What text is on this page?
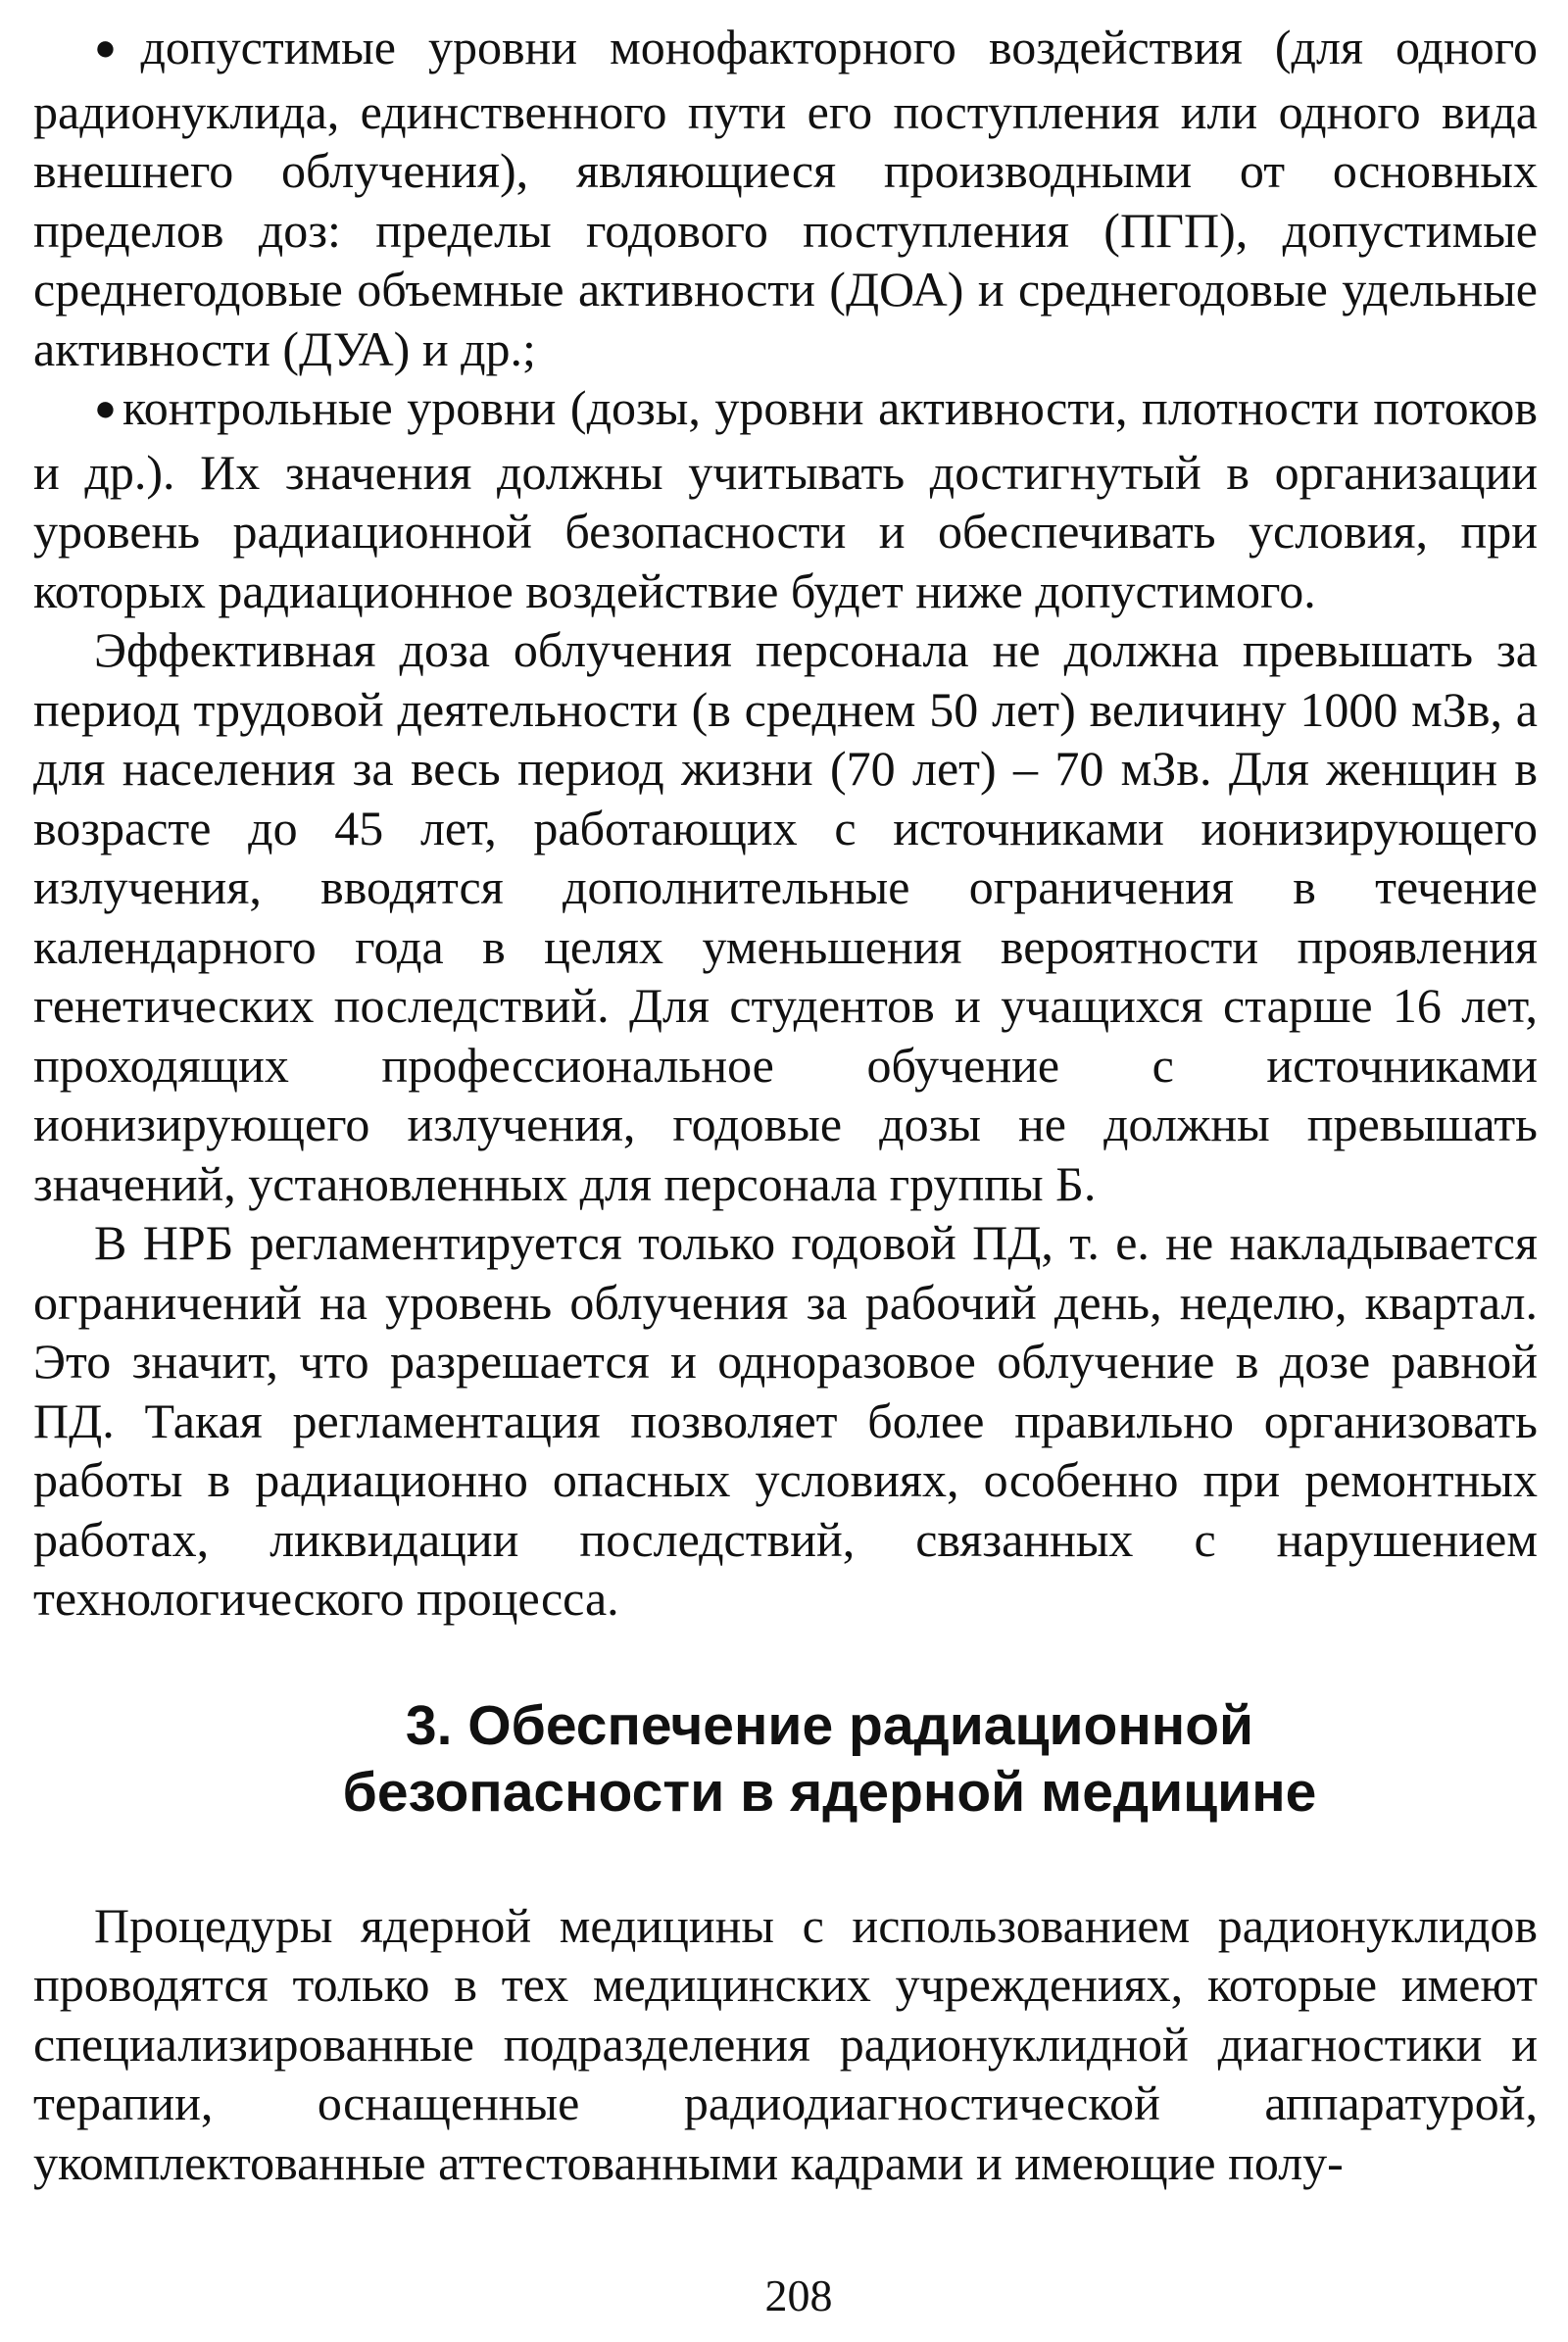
●допустимые уровни монофакторного воздействия (для одного радионуклида, единственного пути его поступления или одного вида внешнего облучения), являющиеся производными от основных пределов доз: пределы годового поступления (ПГП), допустимые среднегодовые объемные активности (ДОА) и среднегодовые удельные активности (ДУА) и др.;

●контрольные уровни (дозы, уровни активности, плотности потоков и др.). Их значения должны учитывать достигнутый в организации уровень радиационной безопасности и обеспечивать условия, при которых радиационное воздействие будет ниже допустимого.

Эффективная доза облучения персонала не должна превышать за период трудовой деятельности (в среднем 50 лет) величину 1000 мЗв, а для населения за весь период жизни (70 лет) – 70 мЗв. Для женщин в возрасте до 45 лет, работающих с источниками ионизирующего излучения, вводятся дополнительные ограничения в течение календарного года в целях уменьшения вероятности проявления генетических последствий. Для студентов и учащихся старше 16 лет, проходящих профессиональное обучение с источниками ионизирующего излучения, годовые дозы не должны превышать значений, установленных для персонала группы Б.

В НРБ регламентируется только годовой ПД, т. е. не накладывается ограничений на уровень облучения за рабочий день, неделю, квартал. Это значит, что разрешается и одноразовое облучение в дозе равной ПД. Такая регламентация позволяет более правильно организовать работы в радиационно опасных условиях, особенно при ремонтных работах, ликвидации последствий, связанных с нарушением технологического процесса.

3. Обеспечение радиационной
безопасности в ядерной медицине

Процедуры ядерной медицины с использованием радионуклидов проводятся только в тех медицинских учреждениях, которые имеют специализированные подразделения радионуклидной диагностики и терапии, оснащенные радиодиагностической аппаратурой, укомплектованные аттестованными кадрами и имеющие полу-

208
